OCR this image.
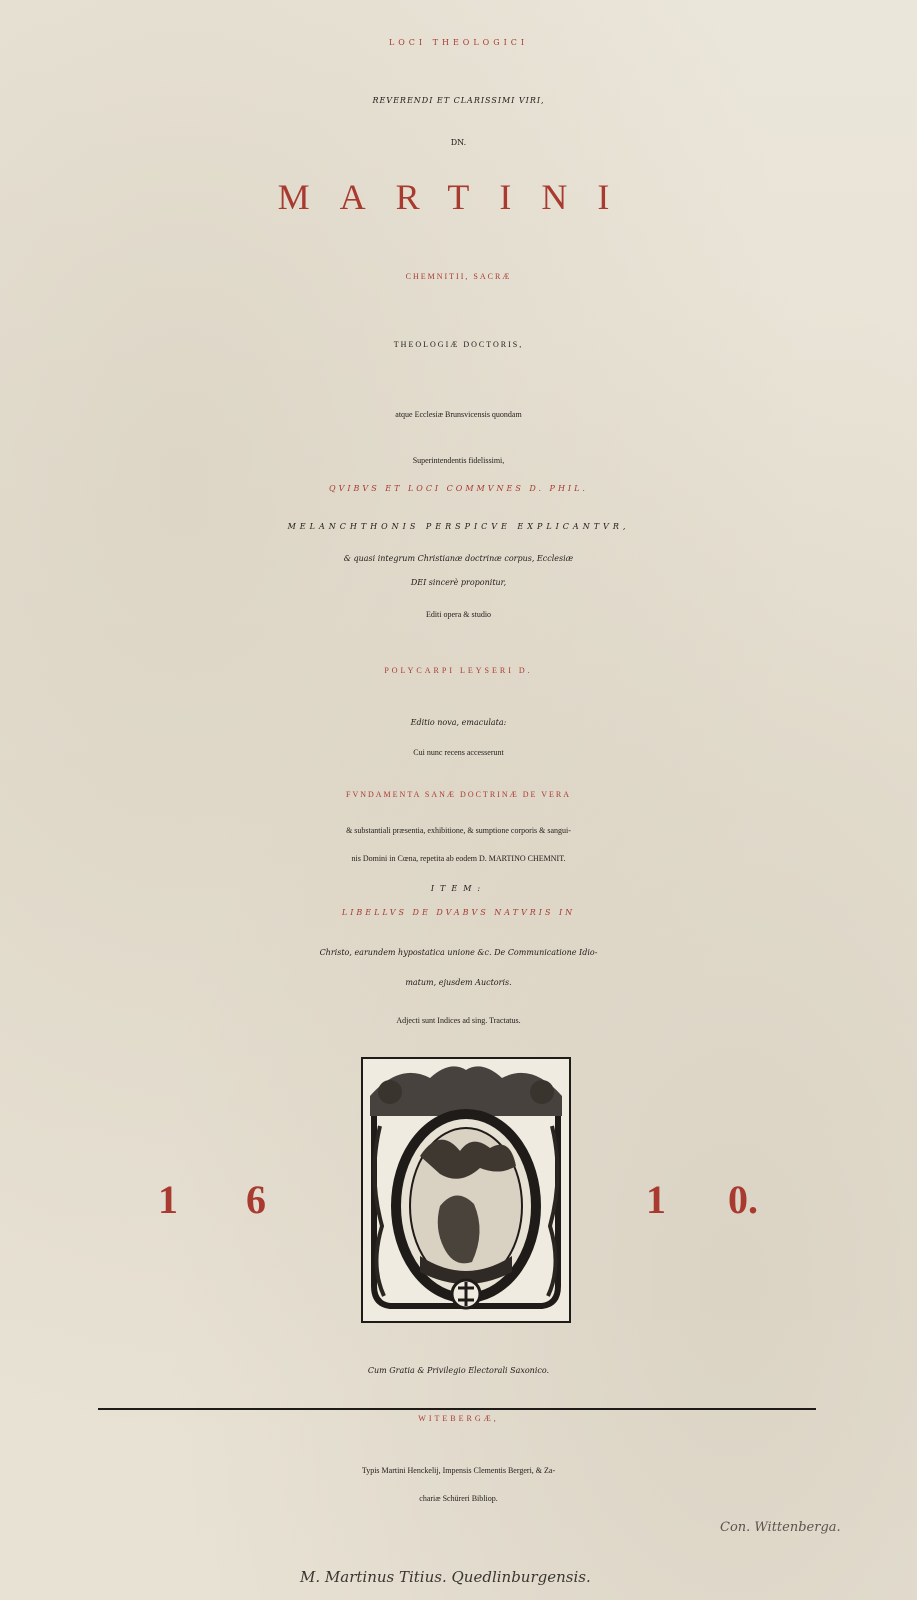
LOCI THEOLOGICI
REVERENDI ET CLARISSIMI VIRI,
DN.
MARTINI
CHEMNITII, SACRÆ
THEOLOGIÆ DOCTORIS,
atque Ecclesiæ Brunsvicensis quondam
Superintendentis fidelissimi,
QVIBVS ET LOCI COMMVNES D. PHIL.
MELANCHTHONIS PERSPICVE EXPLICANTVR,
& quasi integrum Christianæ doctrinæ corpus, Ecclesiæ
DEI sincerè proponitur,
Editi opera & studio
POLYCARPI LEYSERI D.
Editio nova, emaculata:
Cui nunc recens accesserunt
FVNDAMENTA SANÆ DOCTRINÆ DE VERA
& substantiali præsentia, exhibitione, & sumptione corporis & sangui-
nis Domini in Cœna, repetita ab eodem D. MARTINO CHEMNIT.
ITEM:
LIBELLVS DE DVABVS NATVRIS IN
Christo, earundem hypostatica unione &c. De Communicatione Idio-
matum, ejusdem Auctoris.
Adjecti sunt Indices ad sing. Tractatus.
1 6	1 0.
Cum Gratia & Privilegio Electorali Saxonico.
WITEBERGÆ,
Typis Martini Henckelij, Impensis Clementis Bergeri, & Za-
chariæ Schüreri Bibliop.
M. Martinus Titius. Quedlinburgensis.
Con. Wittenberga.
